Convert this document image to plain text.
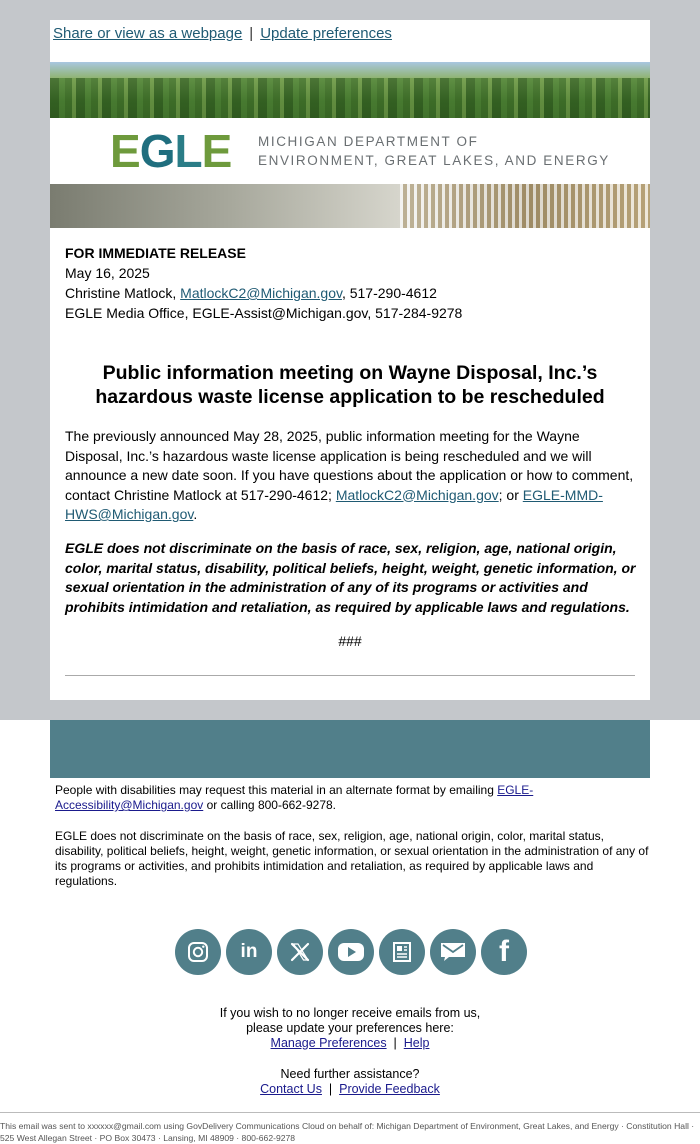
Share or view as a webpage | Update preferences
EGLE MICHIGAN DEPARTMENT OF
ENVIRONMENT, GREAT LAKES, AND ENERGY
FOR IMMEDIATE RELEASE
May 16, 2025
Christine Matlock, MatlockC2@Michigan.gov, 517-290-4612
EGLE Media Office, EGLE-Assist@Michigan.gov, 517-284-9278
Public information meeting on Wayne Disposal, Inc.’s hazardous waste license application to be rescheduled
The previously announced May 28, 2025, public information meeting for the Wayne Disposal, Inc.’s hazardous waste license application is being rescheduled and we will announce a new date soon. If you have questions about the application or how to comment, contact Christine Matlock at 517-290-4612; MatlockC2@Michigan.gov; or EGLE-MMD-HWS@Michigan.gov.
EGLE does not discriminate on the basis of race, sex, religion, age, national origin, color, marital status, disability, political beliefs, height, weight, genetic information, or sexual orientation in the administration of any of its programs or activities and prohibits intimidation and retaliation, as required by applicable laws and regulations.
###
People with disabilities may request this material in an alternate format by emailing EGLE-Accessibility@Michigan.gov or calling 800-662-9278.
EGLE does not discriminate on the basis of race, sex, religion, age, national origin, color, marital status, disability, political beliefs, height, weight, genetic information, or sexual orientation in the administration of any of its programs or activities, and prohibits intimidation and retaliation, as required by applicable laws and regulations.
in	f
If you wish to no longer receive emails from us,
please update your preferences here:
Manage Preferences | Help
Need further assistance?
Contact Us | Provide Feedback
This email was sent to xxxxxx@gmail.com using GovDelivery Communications Cloud on behalf of: Michigan Department of Environment, Great Lakes, and Energy · Constitution Hall · 525 West Allegan Street · PO Box 30473 · Lansing, MI 48909 · 800-662-9278
